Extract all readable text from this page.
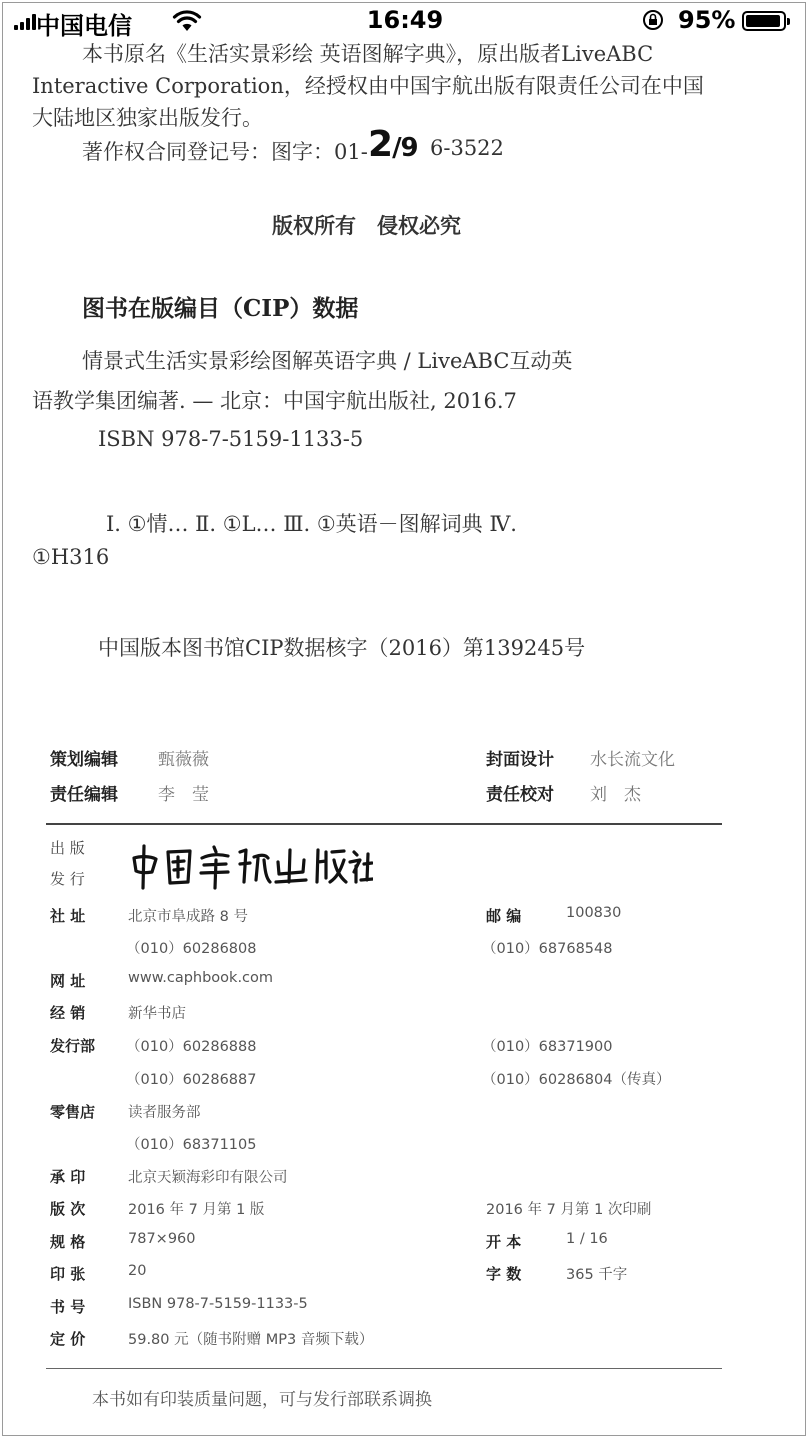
中国电信	16:49	95%
2/9
本书原名《生活实景彩绘 英语图解字典》，原出版者LiveABC
Interactive Corporation，经授权由中国宇航出版有限责任公司在中国
大陆地区独家出版发行。
著作权合同登记号：图字：01-	6-3522
版权所有　侵权必究
图书在版编目（CIP）数据
情景式生活实景彩绘图解英语字典 / LiveABC互动英
语教学集团编著. — 北京：中国宇航出版社, 2016.7
ISBN 978-7-5159-1133-5
Ⅰ. ①情… Ⅱ. ①L… Ⅲ. ①英语－图解词典 Ⅳ.
①H316
中国版本图书馆CIP数据核字（2016）第139245号
策划编辑 甄薇薇	封面设计 水长流文化
责任编辑 李　莹	责任校对 刘　杰
出 版
发 行
社 址	北京市阜成路 8 号	邮 编	100830
（010）60286808	（010）68768548
网 址	www.caphbook.com
经 销	新华书店
发行部 （010）60286888	（010）68371900
（010）60286887	（010）60286804（传真）
零售店 读者服务部
（010）68371105
承 印	北京天颖海彩印有限公司
版 次	2016 年 7 月第 1 版	2016 年 7 月第 1 次印刷
规 格	787×960	开 本	1 / 16
印 张	20	字 数	365 千字
书 号	ISBN 978-7-5159-1133-5
定 价	59.80 元（随书附赠 MP3 音频下载）
本书如有印装质量问题，可与发行部联系调换
